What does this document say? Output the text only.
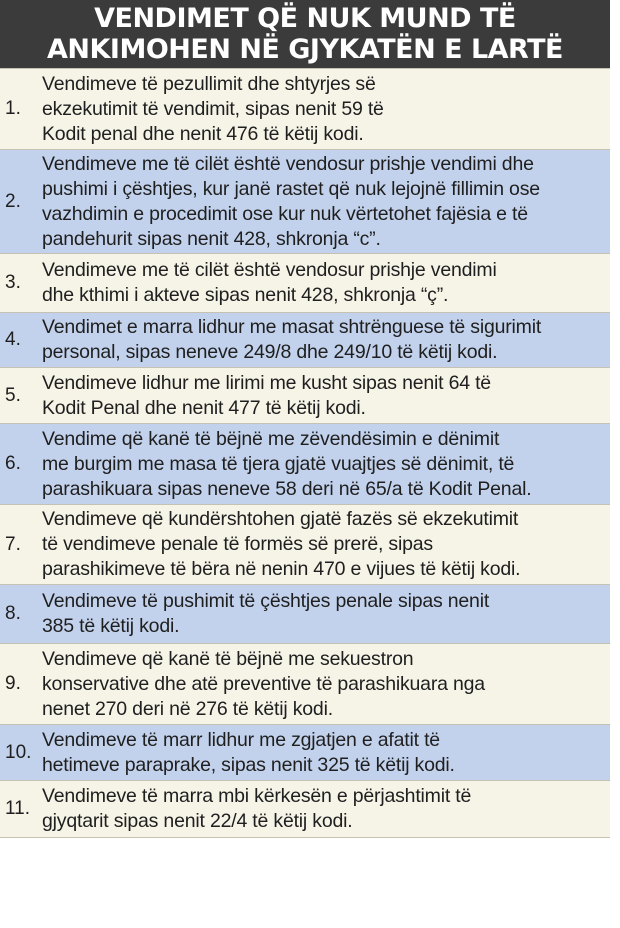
VENDIMET QË NUK MUND TË
ANKIMOHEN NË GJYKATËN E LARTË
1.
Vendimeve të pezullimit dhe shtyrjes së
ekzekutimit të vendimit, sipas nenit 59 të
Kodit penal dhe nenit 476 të këtij kodi.
2.
Vendimeve me të cilët është vendosur prishje vendimi dhe
pushimi i çështjes, kur janë rastet që nuk lejojnë fillimin ose
vazhdimin e procedimit ose kur nuk vërtetohet fajësia e të
pandehurit sipas nenit 428, shkronja “c”.
3.
Vendimeve me të cilët është vendosur prishje vendimi
dhe kthimi i akteve sipas nenit 428, shkronja “ç”.
4.
Vendimet e marra lidhur me masat shtrënguese të sigurimit
personal, sipas neneve 249/8 dhe 249/10 të këtij kodi.
5.
Vendimeve lidhur me lirimi me kusht sipas nenit 64 të
Kodit Penal dhe nenit 477 të këtij kodi.
6.
Vendime që kanë të bëjnë me zëvendësimin e dënimit
me burgim me masa të tjera gjatë vuajtjes së dënimit, të
parashikuara sipas neneve 58 deri në 65/a të Kodit Penal.
7.
Vendimeve që kundërshtohen gjatë fazës së ekzekutimit
të vendimeve penale të formës së prerë, sipas
parashikimeve të bëra në nenin 470 e vijues të këtij kodi.
8.
Vendimeve të pushimit të çështjes penale sipas nenit
385 të këtij kodi.
9.
Vendimeve që kanë të bëjnë me sekuestron
konservative dhe atë preventive të parashikuara nga
nenet 270 deri në 276 të këtij kodi.
10.
Vendimeve të marr lidhur me zgjatjen e afatit të
hetimeve paraprake, sipas nenit 325 të këtij kodi.
11.
Vendimeve të marra mbi kërkesën e përjashtimit të
gjyqtarit sipas nenit 22/4 të këtij kodi.
